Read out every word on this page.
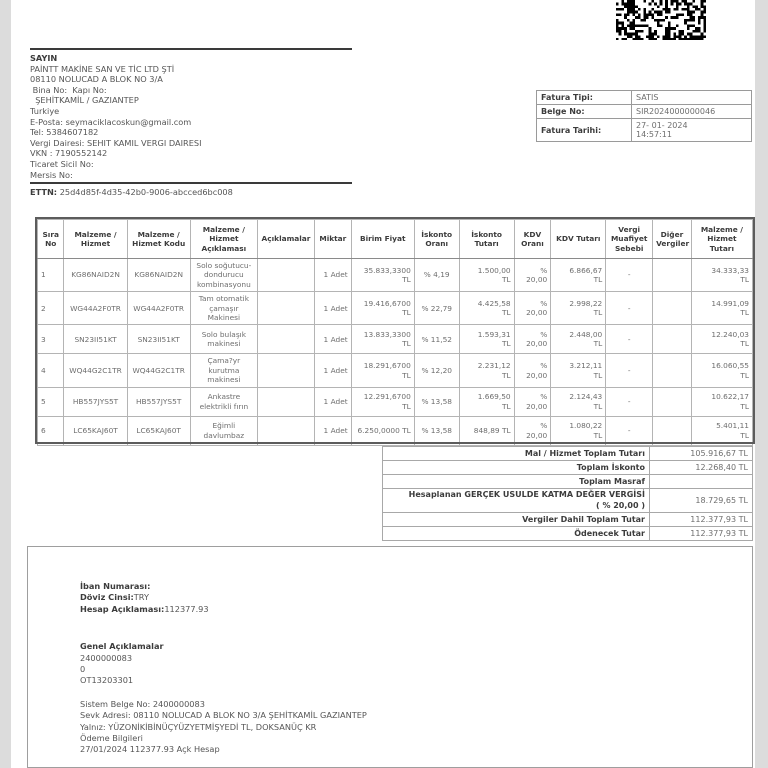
SAYIN
PAİNTT MAKİNE SAN VE TİC LTD ŞTİ
08110 NOLUCAD A BLOK NO 3/A
Bina No:  Kapı No:
ŞEHİTKAMİL / GAZIANTEP
Turkiye
E-Posta: seymaciklacoskun@gmail.com
Tel: 5384607182
Vergi Dairesi: SEHIT KAMIL VERGI DAIRESI
VKN : 7190552142
Ticaret Sicil No:
Mersis No:
ETTN: 25d4d85f-4d35-42b0-9006-abcced6bc008
Fatura Tipi:	SATIS
Belge No:	SIR2024000000046
Fatura Tarihi:	27- 01- 2024
14:57:11
Sıra No	Malzeme / Hizmet	Malzeme / Hizmet Kodu	Malzeme / Hizmet Açıklaması	Açıklamalar	Miktar	Birim Fiyat	İskonto Oranı	İskonto Tutarı	KDV Oranı	KDV Tutarı	Vergi Muafiyet Sebebi	Diğer Vergiler	Malzeme / Hizmet Tutarı
1	KG86NAID2N	KG86NAID2N	Solo soğutucu-dondurucu kombinasyonu		1 Adet	35.833,3300
TL	% 4,19	1.500,00
TL	%
20,00	6.866,67
TL	-		34.333,33
TL

2	WG44A2F0TR	WG44A2F0TR	Tam otomatik çamaşır Makinesi		1 Adet	19.416,6700
TL	% 22,79	4.425,58
TL	%
20,00	2.998,22
TL	-		14.991,09
TL

3	SN23II51KT	SN23II51KT	Solo bulaşık makinesi		1 Adet	13.833,3300
TL	% 11,52	1.593,31
TL	%
20,00	2.448,00
TL	-		12.240,03
TL

4	WQ44G2C1TR	WQ44G2C1TR	Çama?yr kurutma makinesi		1 Adet	18.291,6700
TL	% 12,20	2.231,12
TL	%
20,00	3.212,11
TL	-		16.060,55
TL

5	HB557JYS5T	HB557JYS5T	Ankastre elektrikli fırın		1 Adet	12.291,6700
TL	% 13,58	1.669,50
TL	%
20,00	2.124,43
TL	-		10.622,17
TL

6	LC65KAJ60T	LC65KAJ60T	Eğimli davlumbaz		1 Adet	6.250,0000 TL	% 13,58	848,89 TL	%
20,00	1.080,22
TL	-		5.401,11
TL
Mal / Hizmet Toplam Tutarı	105.916,67 TL
Toplam İskonto	12.268,40 TL
Toplam Masraf	
Hesaplanan GERÇEK USULDE KATMA DEĞER VERGİSİ
( % 20,00 )	18.729,65 TL
Vergiler Dahil Toplam Tutar	112.377,93 TL
Ödenecek Tutar	112.377,93 TL
İban Numarası:
Döviz Cinsi:TRY
Hesap Açıklaması:112377.93
Genel Açıklamalar
2400000083
0
OT13203301
Sistem Belge No: 2400000083
Sevk Adresi: 08110 NOLUCAD A BLOK NO 3/A ŞEHİTKAMİL GAZIANTEP
Yalnız: YÜZONİKİBİNÜÇYÜZYETMİŞYEDİ TL, DOKSANÜÇ KR
Ödeme Bilgileri
27/01/2024 112377.93 Açk Hesap
